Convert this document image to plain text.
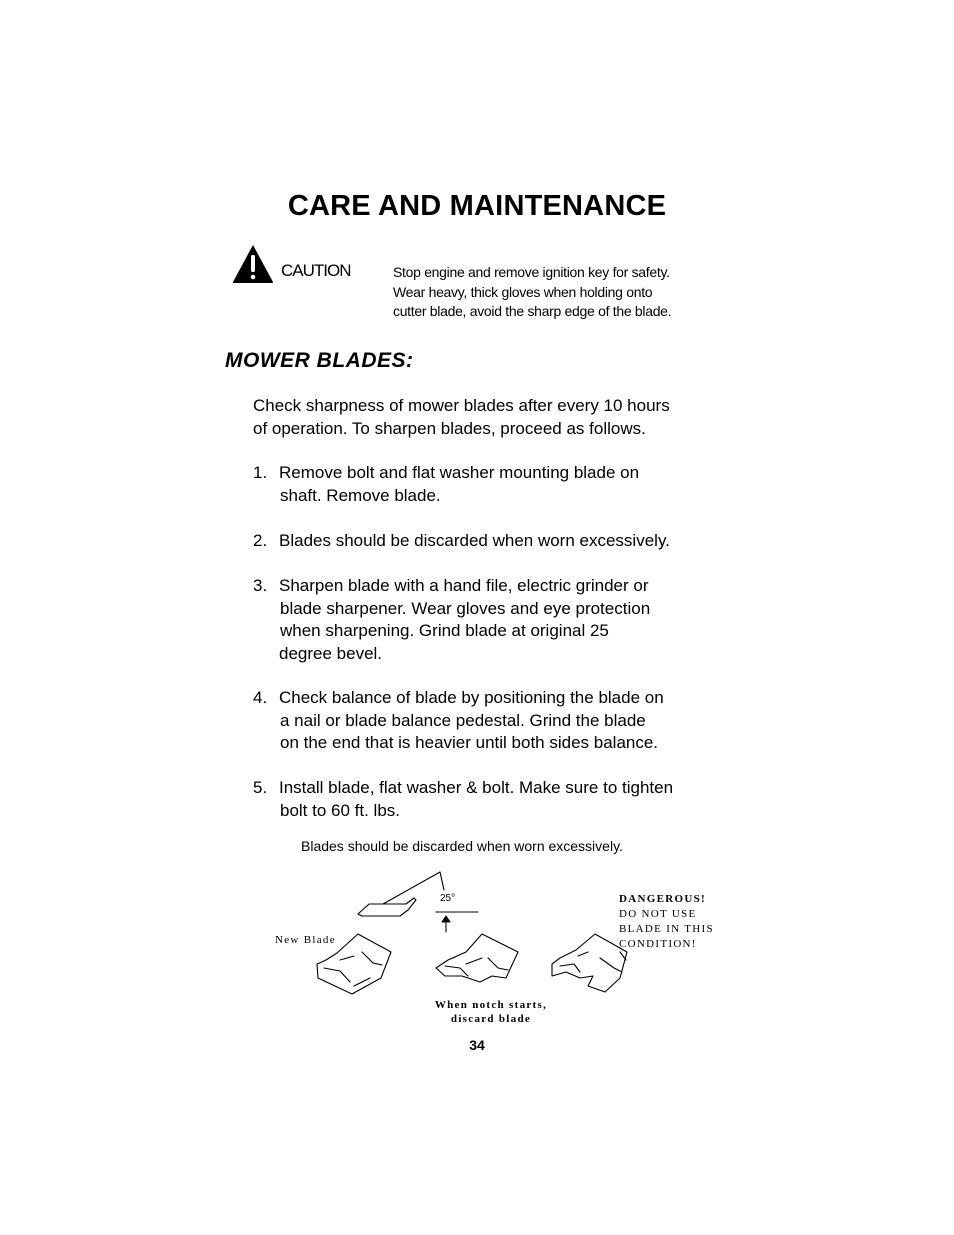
CARE AND MAINTENANCE
CAUTION	Stop engine and remove ignition key for safety.
Wear heavy, thick gloves when holding onto
cutter blade, avoid the sharp edge of the blade.
MOWER BLADES:
Check sharpness of mower blades after every 10 hours
of operation. To sharpen blades, proceed as follows.
1. Remove bolt and flat washer mounting blade on
shaft. Remove blade.
2. Blades should be discarded when worn excessively.
3. Sharpen blade with a hand file, electric grinder or
blade sharpener. Wear gloves and eye protection
when sharpening. Grind blade at original 25
degree bevel.
4. Check balance of blade by positioning the blade on
a nail or blade balance pedestal. Grind the blade
on the end that is heavier until both sides balance.
5. Install blade, flat washer & bolt. Make sure to tighten
bolt to 60 ft. lbs.
Blades should be discarded when worn excessively.
25°
New Blade
When notch starts,
discard blade
DANGEROUS!
DO NOT USE
BLADE IN THIS
CONDITION!
34
